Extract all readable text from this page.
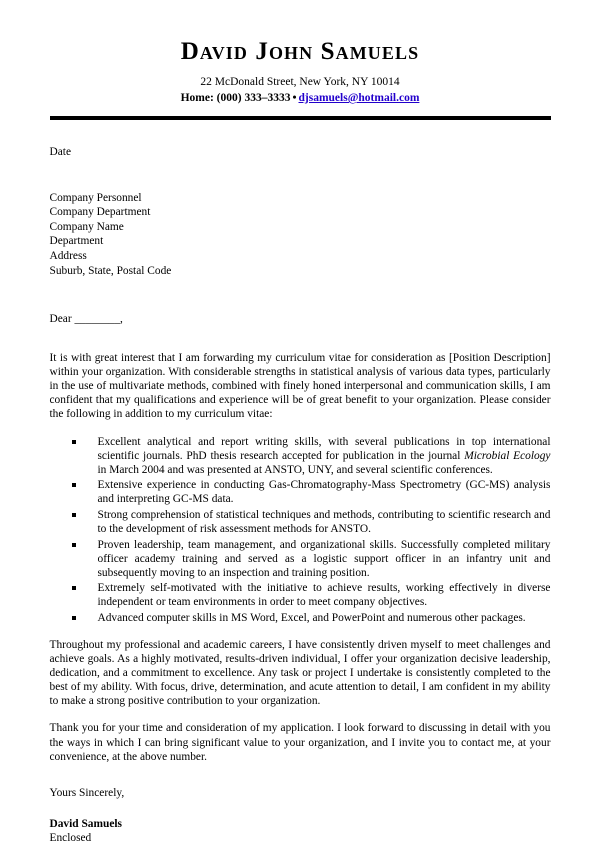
David John Samuels

22 McDonald Street, New York, NY 10014

Home: (000) 333–3333 • djsamuels@hotmail.com

Date
Company Personnel
Company Department
Company Name
Department
Address
Suburb, State, Postal Code
Dear ________,

It is with great interest that I am forwarding my curriculum vitae for consideration as [Position Description] within your organization. With considerable strengths in statistical analysis of various data types, particularly in the use of multivariate methods, combined with finely honed interpersonal and communication skills, I am confident that my qualifications and experience will be of great benefit to your organization. Please consider the following in addition to my curriculum vitae:

Excellent analytical and report writing skills, with several publications in top international scientific journals. PhD thesis research accepted for publication in the journal Microbial Ecology in March 2004 and was presented at ANSTO, UNY, and several scientific conferences.
Extensive experience in conducting Gas-Chromatography-Mass Spectrometry (GC-MS) analysis and interpreting GC-MS data.
Strong comprehension of statistical techniques and methods, contributing to scientific research and to the development of risk assessment methods for ANSTO.
Proven leadership, team management, and organizational skills. Successfully completed military officer academy training and served as a logistic support officer in an infantry unit and subsequently moving to an inspection and training position.
Extremely self-motivated with the initiative to achieve results, working effectively in diverse independent or team environments in order to meet company objectives.
Advanced computer skills in MS Word, Excel, and PowerPoint and numerous other packages.

Throughout my professional and academic careers, I have consistently driven myself to meet challenges and achieve goals. As a highly motivated, results-driven individual, I offer your organization decisive leadership, dedication, and a commitment to excellence. Any task or project I undertake is consistently completed to the best of my ability. With focus, drive, determination, and acute attention to detail, I am confident in my ability to make a strong positive contribution to your organization.

Thank you for your time and consideration of my application. I look forward to discussing in detail with you the ways in which I can bring significant value to your organization, and I invite you to contact me, at your convenience, at the above number.

Yours Sincerely,
David Samuels
Enclosed
